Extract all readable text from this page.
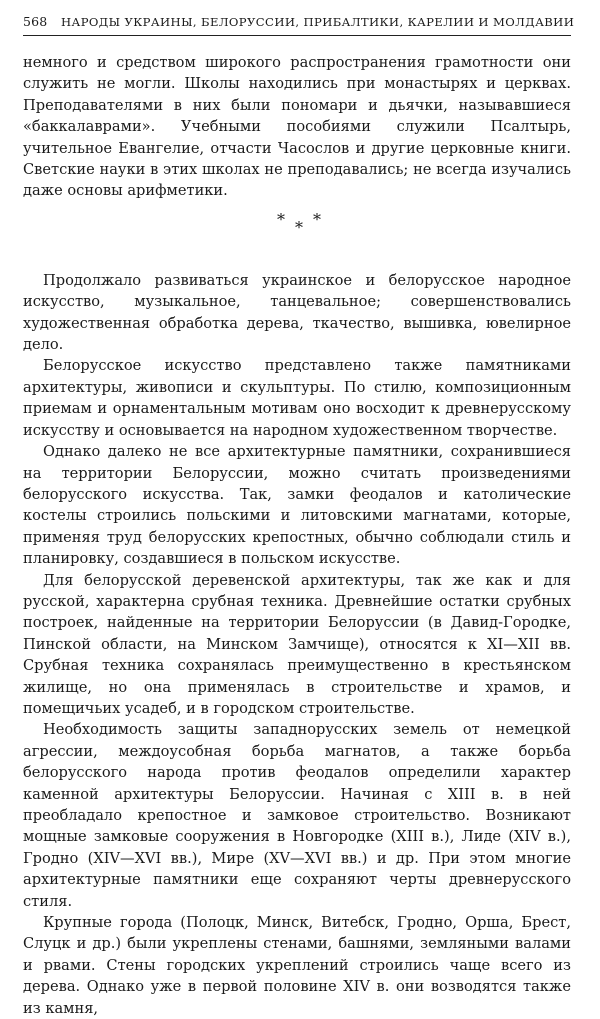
568	НАРОДЫ УКРАИНЫ, БЕЛОРУССИИ, ПРИБАЛТИКИ, КАРЕЛИИ И МОЛДАВИИ

немного и средством широкого распространения грамотности они служить не могли. Школы находились при монастырях и церквах. Преподавателями в них были пономари и дьячки, называвшиеся «баккалаврами». Учебными пособиями служили Псалтырь, учительное Евангелие, отчасти Часослов и другие церковные книги. Светские науки в этих школах не преподавались; не всегда изучались даже основы арифметики.

* * *

Продолжало развиваться украинское и белорусское народное искусство, музыкальное, танцевальное; совершенствовались художественная обработка дерева, ткачество, вышивка, ювелирное дело.

Белорусское искусство представлено также памятниками архитектуры, живописи и скульптуры. По стилю, композиционным приемам и орнаментальным мотивам оно восходит к древнерусскому искусству и основывается на народном художественном творчестве.

Однако далеко не все архитектурные памятники, сохранившиеся на территории Белоруссии, можно считать произведениями белорусского искусства. Так, замки феодалов и католические костелы строились польскими и литовскими магнатами, которые, применяя труд белорусских крепостных, обычно соблюдали стиль и планировку, создавшиеся в польском искусстве.

Для белорусской деревенской архитектуры, так же как и для русской, характерна срубная техника. Древнейшие остатки срубных построек, найденные на территории Белоруссии (в Давид-Городке, Пинской области, на Минском Замчище), относятся к XI—XII вв. Срубная техника сохранялась преимущественно в крестьянском жилище, но она применялась в строительстве и храмов, и помещичьих усадеб, и в городском строительстве.

Необходимость защиты западнорусских земель от немецкой агрессии, междоусобная борьба магнатов, а также борьба белорусского народа против феодалов определили характер каменной архитектуры Белоруссии. Начиная с XIII в. в ней преобладало крепостное и замковое строительство. Возникают мощные замковые сооружения в Новгородке (XIII в.), Лиде (XIV в.), Гродно (XIV—XVI вв.), Мире (XV—XVI вв.) и др. При этом многие архитектурные памятники еще сохраняют черты древнерусского стиля.

Крупные города (Полоцк, Минск, Витебск, Гродно, Орша, Брест, Слуцк и др.) были укреплены стенами, башнями, земляными валами и рвами. Стены городских укреплений строились чаще всего из дерева. Однако уже в первой половине XIV в. они возводятся также из камня,
